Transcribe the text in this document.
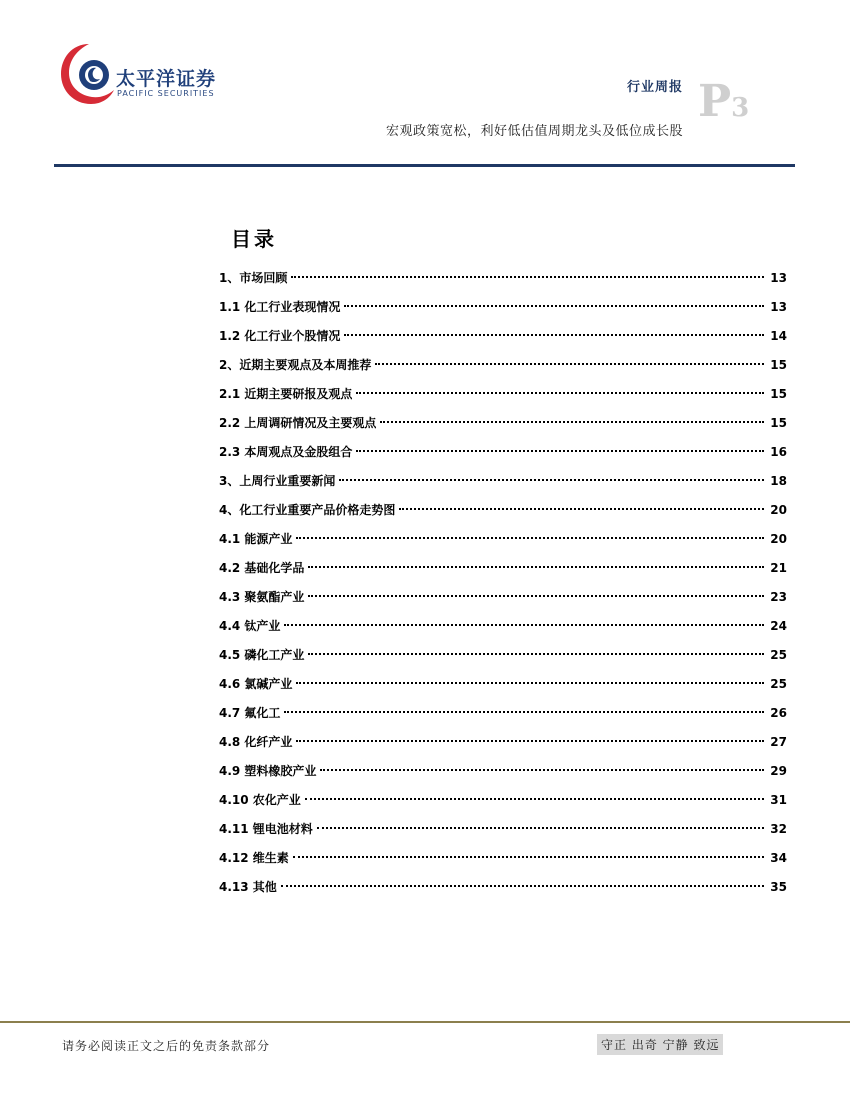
太平洋证券
PACIFIC SECURITIES	行业周报 P3
宏观政策宽松，利好低估值周期龙头及低位成长股
目录
1、市场回顾	13
1.1 化工行业表现情况	13
1.2 化工行业个股情况	14
2、近期主要观点及本周推荐	15
2.1 近期主要研报及观点	15
2.2 上周调研情况及主要观点	15
2.3 本周观点及金股组合	16
3、上周行业重要新闻	18
4、化工行业重要产品价格走势图	20
4.1 能源产业	20
4.2 基础化学品	21
4.3 聚氨酯产业	23
4.4 钛产业	24
4.5 磷化工产业	25
4.6 氯碱产业	25
4.7 氟化工	26
4.8 化纤产业	27
4.9 塑料橡胶产业	29
4.10 农化产业	31
4.11 锂电池材料	32
4.12 维生素	34
4.13 其他	35
请务必阅读正文之后的免责条款部分	守正 出奇 宁静 致远
